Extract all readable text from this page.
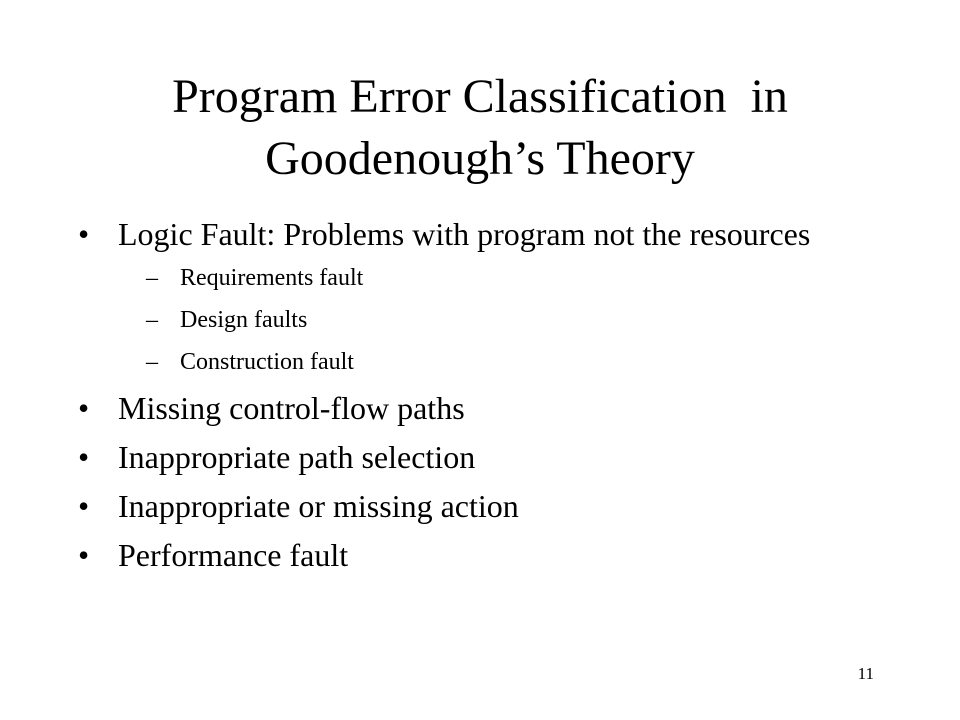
Program Error Classification  in
Goodenough’s Theory
• Logic Fault: Problems with program not the resources
– Requirements fault
– Design faults
– Construction fault
• Missing control-flow paths
• Inappropriate path selection
• Inappropriate or missing action
• Performance fault
11
